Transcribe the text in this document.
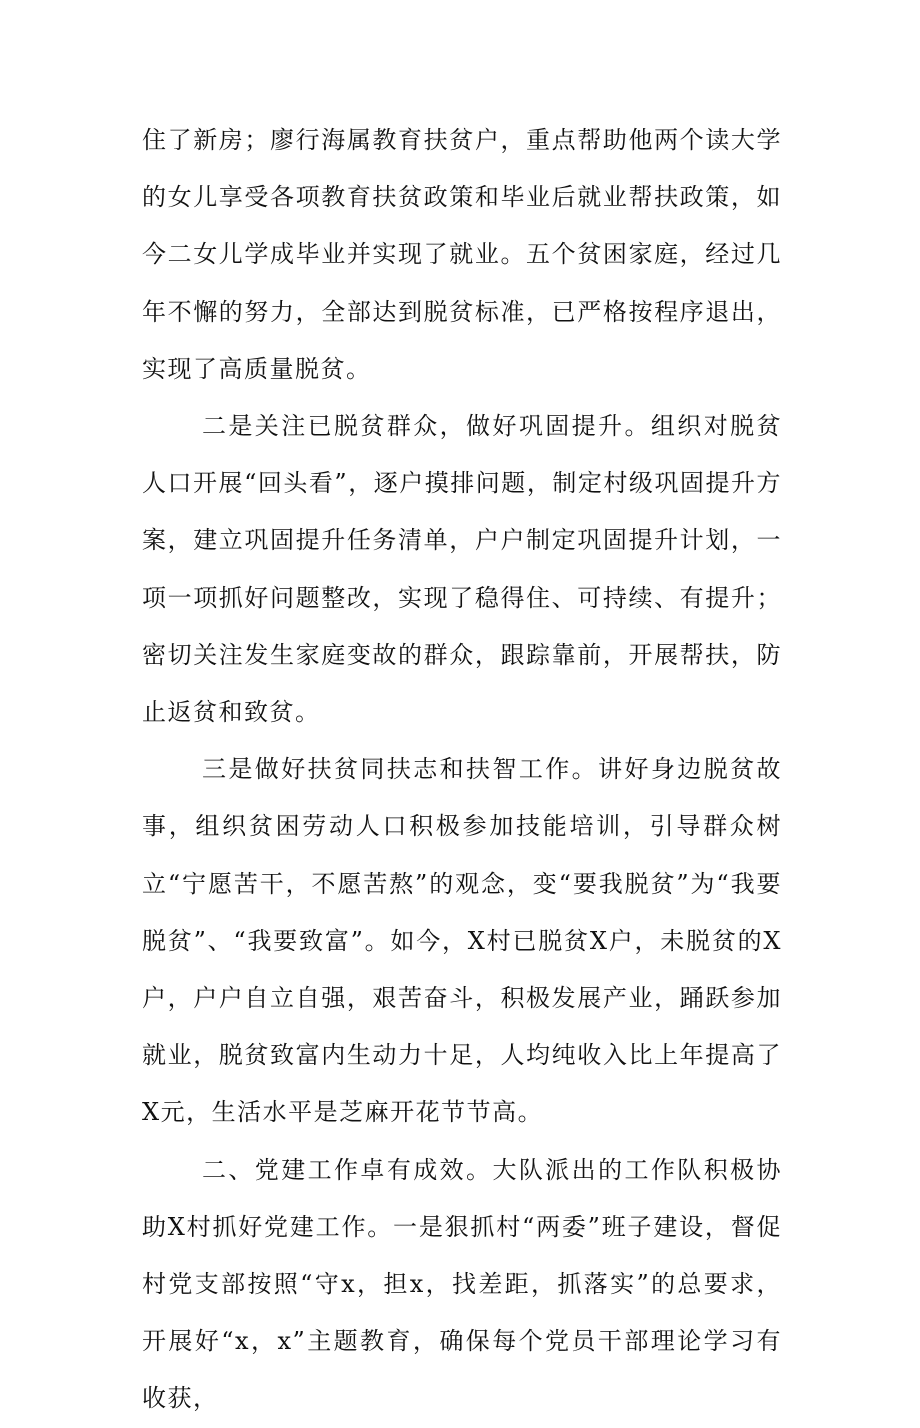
住了新房；廖行海属教育扶贫户，重点帮助他两个读大学的女儿享受各项教育扶贫政策和毕业后就业帮扶政策，如今二女儿学成毕业并实现了就业。五个贫困家庭，经过几年不懈的努力，全部达到脱贫标准，已严格按程序退出，实现了高质量脱贫。

二是关注已脱贫群众，做好巩固提升。组织对脱贫人口开展“回头看”，逐户摸排问题，制定村级巩固提升方案，建立巩固提升任务清单，户户制定巩固提升计划，一项一项抓好问题整改，实现了稳得住、可持续、有提升；密切关注发生家庭变故的群众，跟踪靠前，开展帮扶，防止返贫和致贫。

三是做好扶贫同扶志和扶智工作。讲好身边脱贫故事，组织贫困劳动人口积极参加技能培训，引导群众树立“宁愿苦干，不愿苦熬”的观念，变“要我脱贫”为“我要脱贫”、“我要致富”。如今，X村已脱贫X户，未脱贫的X户，户户自立自强，艰苦奋斗，积极发展产业，踊跃参加就业，脱贫致富内生动力十足，人均纯收入比上年提高了X元，生活水平是芝麻开花节节高。

二、党建工作卓有成效。大队派出的工作队积极协助X村抓好党建工作。一是狠抓村“两委”班子建设，督促村党支部按照“守x，担x，找差距，抓落实”的总要求，开展好“x，x”主题教育，确保每个党员干部理论学习有收获，
